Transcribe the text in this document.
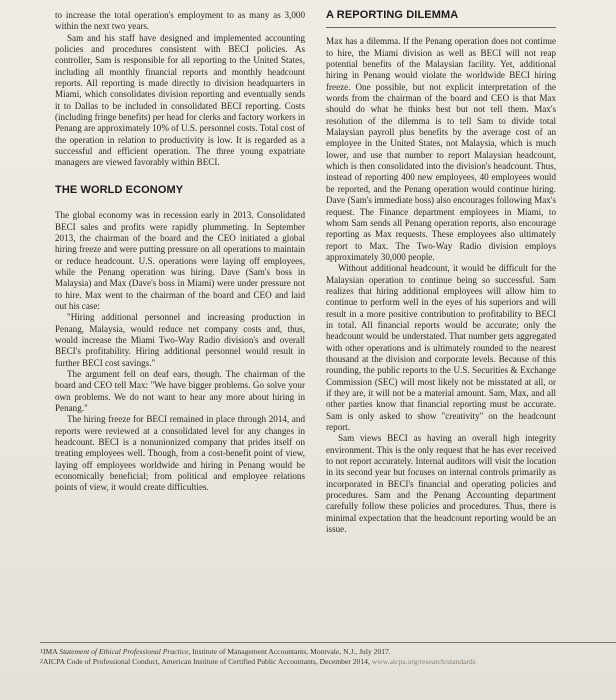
to increase the total operation's employment to as many as 3,000 within the next two years.

Sam and his staff have designed and implemented accounting policies and procedures consistent with BECI policies. As controller, Sam is responsible for all reporting to the United States, including all monthly financial reports and monthly headcount reports. All reporting is made directly to division headquarters in Miami, which consolidates division reporting and eventually sends it to Dallas to be included in consolidated BECI reporting. Costs (including fringe benefits) per head for clerks and factory workers in Penang are approximately 10% of U.S. personnel costs. Total cost of the operation in relation to productivity is low. It is regarded as a successful and efficient operation. The three young expatriate managers are viewed favorably within BECI.

THE WORLD ECONOMY

The global economy was in recession early in 2013. Consolidated BECI sales and profits were rapidly plummeting. In September 2013, the chairman of the board and the CEO initiated a global hiring freeze and were putting pressure on all operations to maintain or reduce headcount. U.S. operations were laying off employees, while the Penang operation was hiring. Dave (Sam's boss in Malaysia) and Max (Dave's boss in Miami) were under pressure not to hire. Max went to the chairman of the board and CEO and laid out his case:

"Hiring additional personnel and increasing production in Penang, Malaysia, would reduce net company costs and, thus, would increase the Miami Two-Way Radio division's and overall BECI's profitability. Hiring additional personnel would result in further BECI cost savings."

The argument fell on deaf ears, though. The chairman of the board and CEO tell Max: "We have bigger problems. Go solve your own problems. We do not want to hear any more about hiring in Penang."

The hiring freeze for BECI remained in place through 2014, and reports were reviewed at a consolidated level for any changes in headcount. BECI is a nonunionized company that prides itself on treating employees well. Though, from a cost-benefit point of view, laying off employees worldwide and hiring in Penang would be economically beneficial; from political and employee relations points of view, it would create difficulties.

A REPORTING DILEMMA

Max has a dilemma. If the Penang operation does not continue to hire, the Miami division as well as BECI will not reap potential benefits of the Malaysian facility. Yet, additional hiring in Penang would violate the worldwide BECI hiring freeze. One possible, but not explicit interpretation of the words from the chairman of the board and CEO is that Max should do what he thinks best but not tell them. Max's resolution of the dilemma is to tell Sam to divide total Malaysian payroll plus benefits by the average cost of an employee in the United States, not Malaysia, which is much lower, and use that number to report Malaysian headcount, which is then consolidated into the division's headcount. Thus, instead of reporting 400 new employees, 40 employees would be reported, and the Penang operation would continue hiring. Dave (Sam's immediate boss) also encourages following Max's request. The Finance department employees in Miami, to whom Sam sends all Penang operation reports, also encourage reporting as Max requests. These employees also ultimately report to Max. The Two-Way Radio division employs approximately 30,000 people.

Without additional headcount, it would be difficult for the Malaysian operation to continue being so successful. Sam realizes that hiring additional employees will allow him to continue to perform well in the eyes of his superiors and will result in a more positive contribution to profitability to BECI in total. All financial reports would be accurate; only the headcount would be understated. That number gets aggregated with other operations and is ultimately rounded to the nearest thousand at the division and corporate levels. Because of this rounding, the public reports to the U.S. Securities & Exchange Commission (SEC) will most likely not be misstated at all, or if they are, it will not be a material amount. Sam, Max, and all other parties know that financial reporting must be accurate. Sam is only asked to show "creativity" on the headcount report.

Sam views BECI as having an overall high integrity environment. This is the only request that he has ever received to not report accurately. Internal auditors will visit the location in its second year but focuses on internal controls primarily as incorporated in BECI's financial and operating policies and procedures. Sam and the Penang Accounting department carefully follow these policies and procedures. Thus, there is minimal expectation that the headcount reporting would be an issue.

$^1$IMA Statement of Ethical Professional Practice, Institute of Management Accountants, Montvale, N.J., July 2017.

$^2$AICPA Code of Professional Conduct, American Institute of Certified Public Accountants, December 2014, www.aicpa.org/research/standards
